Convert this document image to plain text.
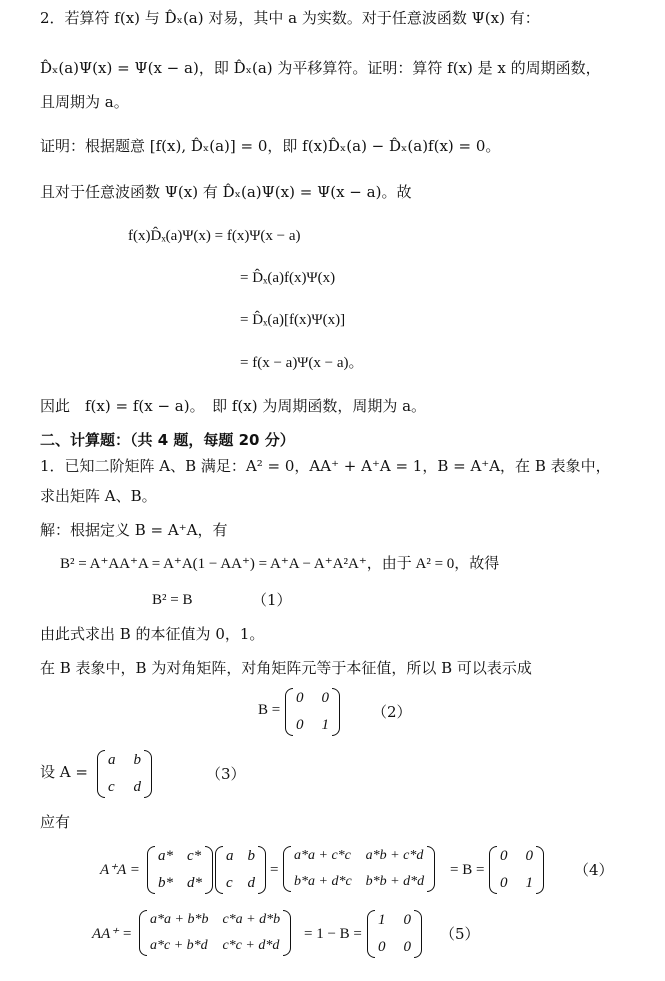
2．若算符 f(x) 与 D̂ₓ(a) 对易，其中 a 为实数。对于任意波函数 Ψ(x) 有：
D̂ₓ(a)Ψ(x) = Ψ(x − a)，即 D̂ₓ(a) 为平移算符。证明：算符 f(x) 是 x 的周期函数，
且周期为 a。
证明：根据题意 [f(x), D̂ₓ(a)] = 0，即 f(x)D̂ₓ(a) − D̂ₓ(a)f(x) = 0。
且对于任意波函数 Ψ(x) 有 D̂ₓ(a)Ψ(x) = Ψ(x − a)。故
f(x)D̂ₓ(a)Ψ(x) = f(x)Ψ(x − a)
= D̂ₓ(a)f(x)Ψ(x)
= D̂ₓ(a)[f(x)Ψ(x)]
= f(x − a)Ψ(x − a)。
因此　f(x) = f(x − a)。　即 f(x) 为周期函数，周期为 a。
二、计算题：（共 4 题，每题 20 分）
1．已知二阶矩阵 A、B 满足：A² = 0，AA⁺ + A⁺A = 1，B = A⁺A，在 B 表象中，
求出矩阵 A、B。
解：根据定义 B = A⁺A，有
B² = A⁺AA⁺A = A⁺A(1 − AA⁺) = A⁺A − A⁺A²A⁺，由于 A² = 0，故得
B² = B	（1）
由此式求出 B 的本征值为 0，1。
在 B 表象中，B 为对角矩阵，对角矩阵元等于本征值，所以 B 可以表示成
B =
0 0
0 1
（2）
设 A =
a b
c d
（3）
应有
A⁺A =
a* c*
b* d*
a b
c d
=
a*a + c*c a*b + c*d
b*a + d*c b*b + d*d
= B =
0 0
0 1
（4）
AA⁺ =
a*a + b*b c*a + d*b
a*c + b*d c*c + d*d
= 1 − B =
1 0
0 0
（5）
